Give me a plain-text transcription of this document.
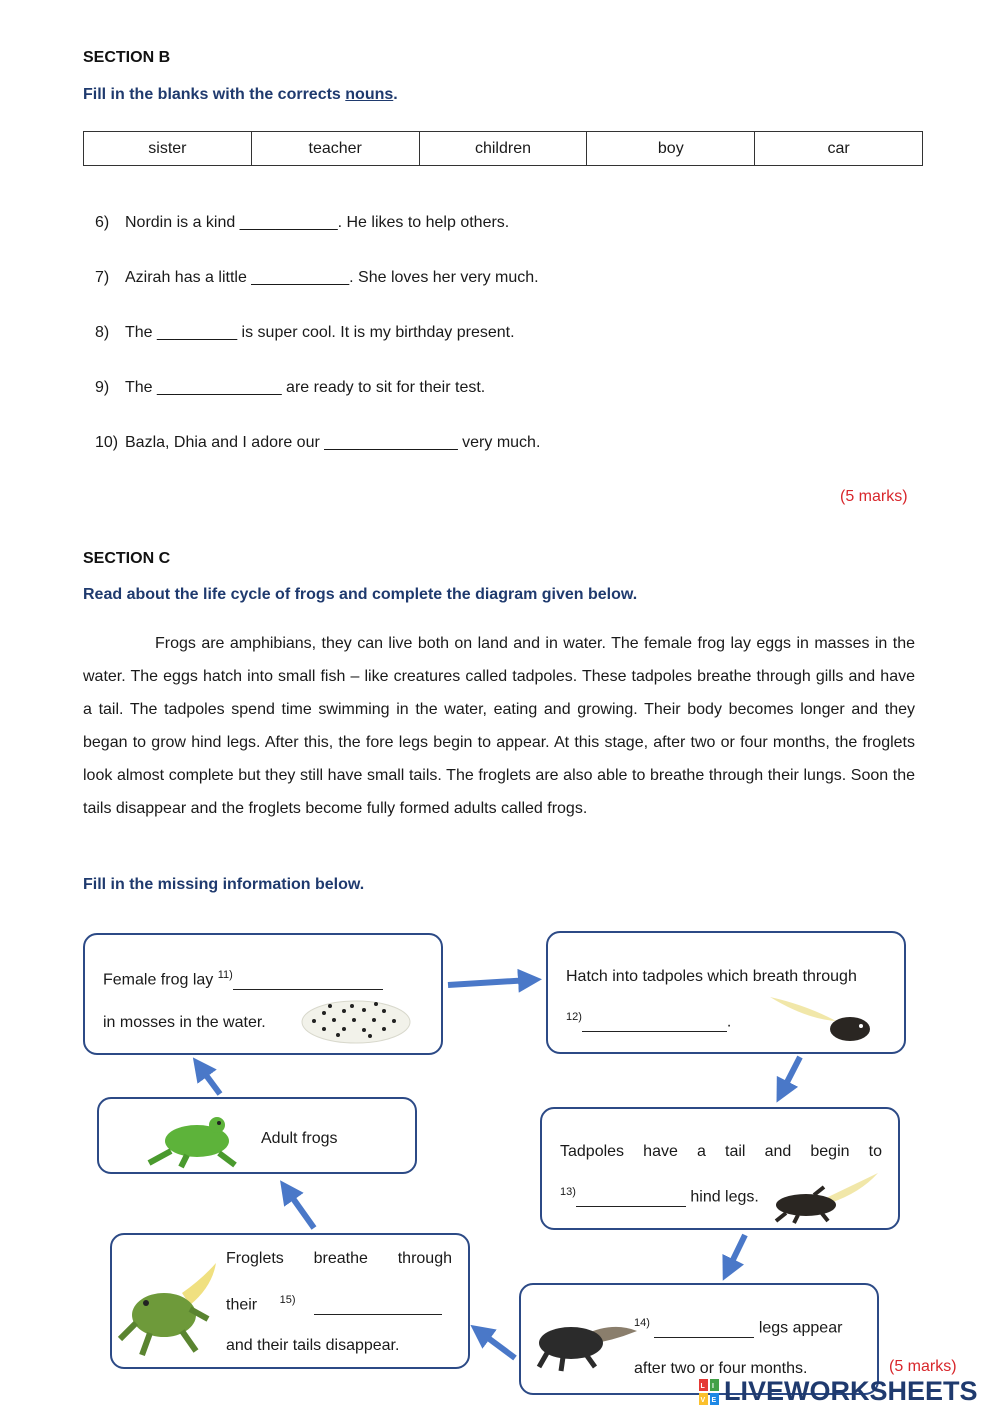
SECTION B
Fill in the blanks with the corrects nouns.
sister	teacher	children	boy	car
6) Nordin is a kind ___________. He likes to help others.
7) Azirah has a little ___________. She loves her very much.
8) The _________ is super cool. It is my birthday present.
9) The ______________ are ready to sit for their test.
10) Bazla, Dhia and I adore our _______________ very much.
(5 marks)
SECTION C
Read about the life cycle of frogs and complete the diagram given below.

Frogs are amphibians, they can live both on land and in water. The female frog lay eggs in masses in the water. The eggs hatch into small fish – like creatures called tadpoles. These tadpoles breathe through gills and have a tail. The tadpoles spend time swimming in the water, eating and growing. Their body becomes longer and they began to grow hind legs. After this, the fore legs begin to appear. At this stage, after two or four months, the froglets look almost complete but they still have small tails. The froglets are also able to breathe through their lungs. Soon the tails disappear and the froglets become fully formed adults called frogs.

Fill in the missing information below.
Female frog lay $^{11)}$
in mosses in the water.
Hatch into tadpoles which breath through
$^{12)}$	.
Tadpoles have a tail and begin to
$^{13)}$	hind legs.
$^{14)}$	legs appear
after two or four months.
Froglets breathe through
their $^{15)}$
and their tails disappear.
Adult frogs
(5 marks)
L I
V E LIVEWORKSHEETS
